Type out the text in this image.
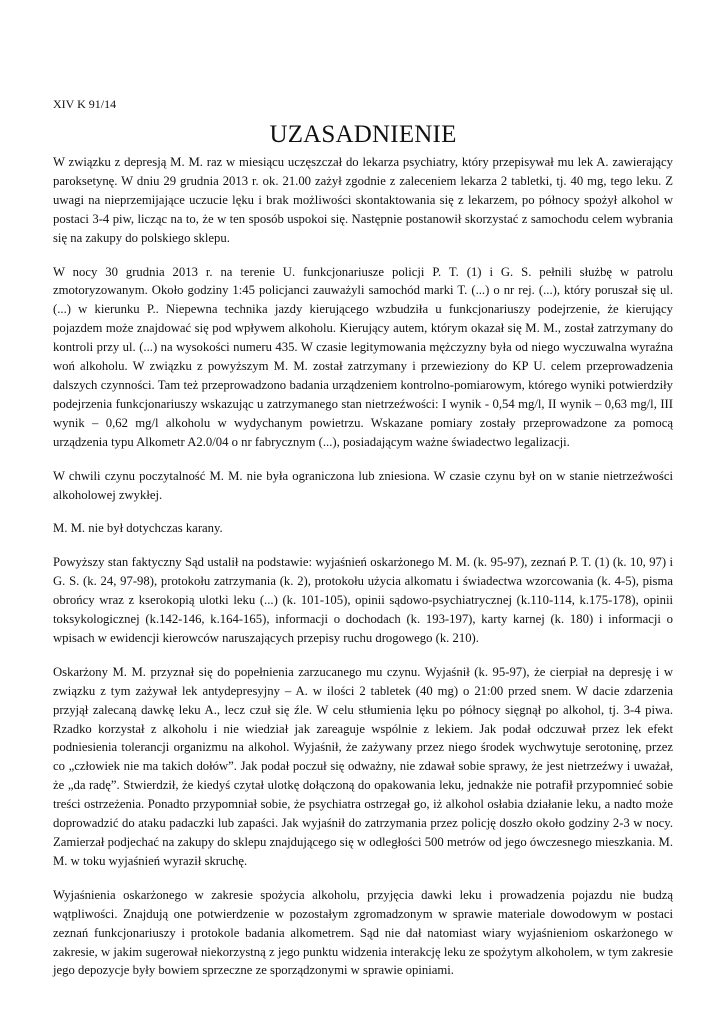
XIV K 91/14
UZASADNIENIE

W związku z depresją M. M. raz w miesiącu uczęszczał do lekarza psychiatry, który przepisywał mu lek A. zawierający paroksetynę. W dniu 29 grudnia 2013 r. ok. 21.00 zażył zgodnie z zaleceniem lekarza 2 tabletki, tj. 40 mg, tego leku. Z uwagi na nieprzemijające uczucie lęku i brak możliwości skontaktowania się z lekarzem, po północy spożył alkohol w postaci 3-4 piw, licząc na to, że w ten sposób uspokoi się. Następnie postanowił skorzystać z samochodu celem wybrania się na zakupy do polskiego sklepu.

W nocy 30 grudnia 2013 r. na terenie U. funkcjonariusze policji P. T. (1) i G. S. pełnili służbę w patrolu zmotoryzowanym. Około godziny 1:45 policjanci zauważyli samochód marki T. (...) o nr rej. (...), który poruszał się ul. (...) w kierunku P.. Niepewna technika jazdy kierującego wzbudziła u funkcjonariuszy podejrzenie, że kierujący pojazdem może znajdować się pod wpływem alkoholu. Kierujący autem, którym okazał się M. M., został zatrzymany do kontroli przy ul. (...) na wysokości numeru 435. W czasie legitymowania mężczyzny była od niego wyczuwalna wyraźna woń alkoholu. W związku z powyższym M. M. został zatrzymany i przewieziony do KP U. celem przeprowadzenia dalszych czynności. Tam też przeprowadzono badania urządzeniem kontrolno-pomiarowym, którego wyniki potwierdziły podejrzenia funkcjonariuszy wskazując u zatrzymanego stan nietrzeźwości: I wynik - 0,54 mg/l, II wynik – 0,63 mg/l, III wynik – 0,62 mg/l alkoholu w wydychanym powietrzu. Wskazane pomiary zostały przeprowadzone za pomocą urządzenia typu Alkometr A2.0/04 o nr fabrycznym (...), posiadającym ważne świadectwo legalizacji.

W chwili czynu poczytalność M. M. nie była ograniczona lub zniesiona. W czasie czynu był on w stanie nietrzeźwości alkoholowej zwykłej.

M. M. nie był dotychczas karany.

Powyższy stan faktyczny Sąd ustalił na podstawie: wyjaśnień oskarżonego M. M. (k. 95-97), zeznań P. T. (1) (k. 10, 97) i G. S. (k. 24, 97-98), protokołu zatrzymania (k. 2), protokołu użycia alkomatu i świadectwa wzorcowania (k. 4-5), pisma obrońcy wraz z kserokopią ulotki leku (...) (k. 101-105), opinii sądowo-psychiatrycznej (k.110-114, k.175-178), opinii toksykologicznej (k.142-146, k.164-165), informacji o dochodach (k. 193-197), karty karnej (k. 180) i informacji o wpisach w ewidencji kierowców naruszających przepisy ruchu drogowego (k. 210).

Oskarżony M. M. przyznał się do popełnienia zarzucanego mu czynu. Wyjaśnił (k. 95-97), że cierpiał na depresję i w związku z tym zażywał lek antydepresyjny – A. w ilości 2 tabletek (40 mg) o 21:00 przed snem. W dacie zdarzenia przyjął zalecaną dawkę leku A., lecz czuł się źle. W celu stłumienia lęku po północy sięgnął po alkohol, tj. 3-4 piwa. Rzadko korzystał z alkoholu i nie wiedział jak zareaguje wspólnie z lekiem. Jak podał odczuwał przez lek efekt podniesienia tolerancji organizmu na alkohol. Wyjaśnił, że zażywany przez niego środek wychwytuje serotoninę, przez co „człowiek nie ma takich dołów”. Jak podał poczuł się odważny, nie zdawał sobie sprawy, że jest nietrzeźwy i uważał, że „da radę”. Stwierdził, że kiedyś czytał ulotkę dołączoną do opakowania leku, jednakże nie potrafił przypomnieć sobie treści ostrzeżenia. Ponadto przypomniał sobie, że psychiatra ostrzegał go, iż alkohol osłabia działanie leku, a nadto może doprowadzić do ataku padaczki lub zapaści. Jak wyjaśnił do zatrzymania przez policję doszło około godziny 2-3 w nocy. Zamierzał podjechać na zakupy do sklepu znajdującego się w odległości 500 metrów od jego ówczesnego mieszkania. M. M. w toku wyjaśnień wyraził skruchę.

Wyjaśnienia oskarżonego w zakresie spożycia alkoholu, przyjęcia dawki leku i prowadzenia pojazdu nie budzą wątpliwości. Znajdują one potwierdzenie w pozostałym zgromadzonym w sprawie materiale dowodowym w postaci zeznań funkcjonariuszy i protokole badania alkometrem. Sąd nie dał natomiast wiary wyjaśnieniom oskarżonego w zakresie, w jakim sugerował niekorzystną z jego punktu widzenia interakcję leku ze spożytym alkoholem, w tym zakresie jego depozycje były bowiem sprzeczne ze sporządzonymi w sprawie opiniami.
